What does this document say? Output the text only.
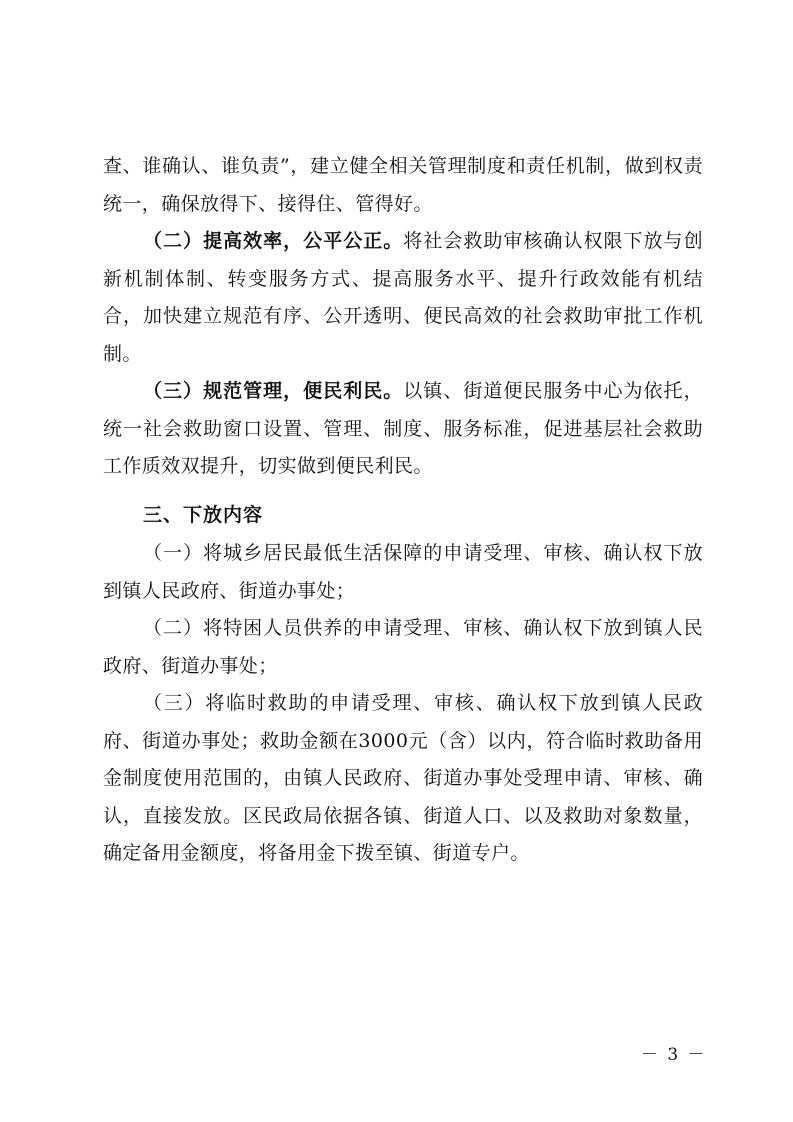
查、谁确认、谁负责”，建立健全相关管理制度和责任机制，做到权责统一，确保放得下、接得住、管得好。

（二）提高效率，公平公正。将社会救助审核确认权限下放与创新机制体制、转变服务方式、提高服务水平、提升行政效能有机结合，加快建立规范有序、公开透明、便民高效的社会救助审批工作机制。

（三）规范管理，便民利民。以镇、街道便民服务中心为依托，统一社会救助窗口设置、管理、制度、服务标准，促进基层社会救助工作质效双提升，切实做到便民利民。

三、下放内容

（一）将城乡居民最低生活保障的申请受理、审核、确认权下放到镇人民政府、街道办事处；

（二）将特困人员供养的申请受理、审核、确认权下放到镇人民政府、街道办事处；

（三）将临时救助的申请受理、审核、确认权下放到镇人民政府、街道办事处；救助金额在3000元（含）以内，符合临时救助备用金制度使用范围的，由镇人民政府、街道办事处受理申请、审核、确认，直接发放。区民政局依据各镇、街道人口、以及救助对象数量，确定备用金额度，将备用金下拨至镇、街道专户。

－ 3 －
